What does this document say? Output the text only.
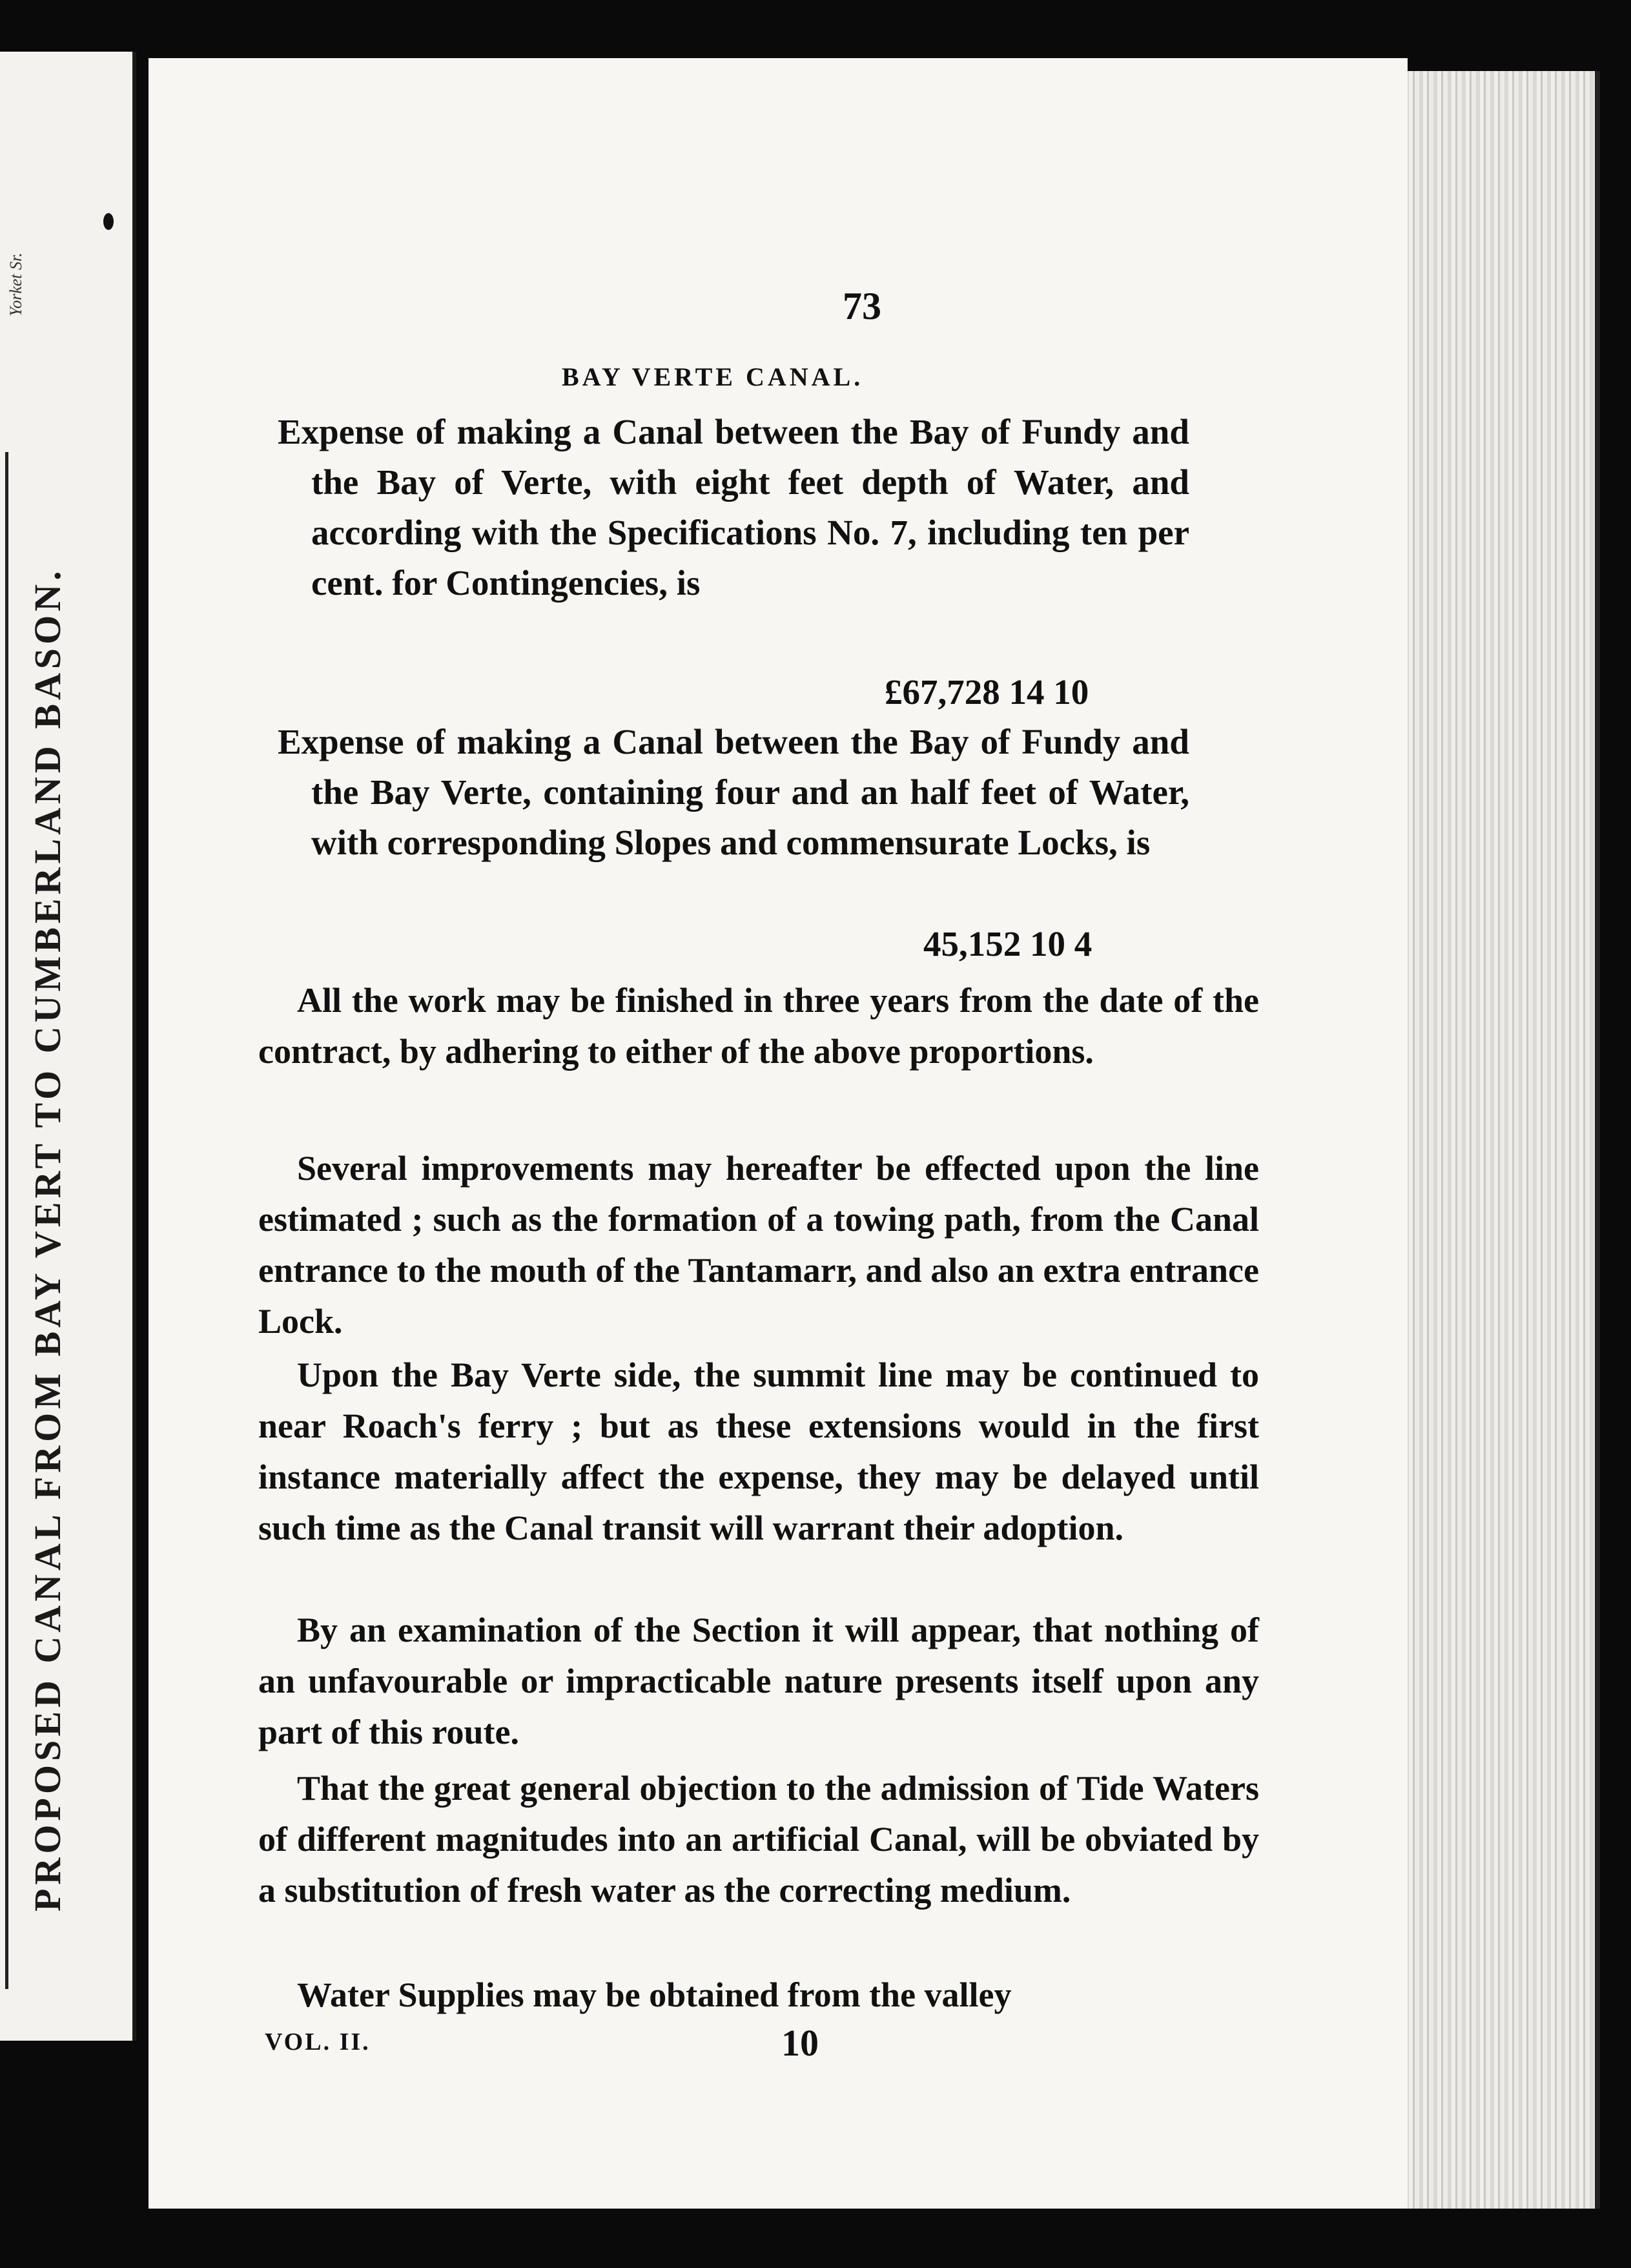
Yorket Sr.
PROPOSED CANAL FROM BAY VERT TO CUMBERLAND BASON.
73
BAY VERTE CANAL.
Expense of making a Canal between the Bay of Fundy and the Bay of Verte, with eight feet depth of Water, and according with the Specifications No. 7, including ten per cent. for Contingencies, is
£67,728 14 10
Expense of making a Canal between the Bay of Fundy and the Bay Verte, containing four and an half feet of Water, with corresponding Slopes and commensurate Locks, is
45,152 10 4
All the work may be finished in three years from the date of the contract, by adhering to either of the above proportions.
Several improvements may hereafter be effected upon the line estimated ; such as the formation of a towing path, from the Canal entrance to the mouth of the Tantamarr, and also an extra entrance Lock.
Upon the Bay Verte side, the summit line may be continued to near Roach's ferry ; but as these extensions would in the first instance materially affect the expense, they may be delayed until such time as the Canal transit will warrant their adoption.
By an examination of the Section it will appear, that nothing of an unfavourable or impracticable nature presents itself upon any part of this route.
That the great general objection to the admission of Tide Waters of different magnitudes into an artificial Canal, will be obviated by a substitution of fresh water as the correcting medium.
Water Supplies may be obtained from the valley
VOL. II.	10
